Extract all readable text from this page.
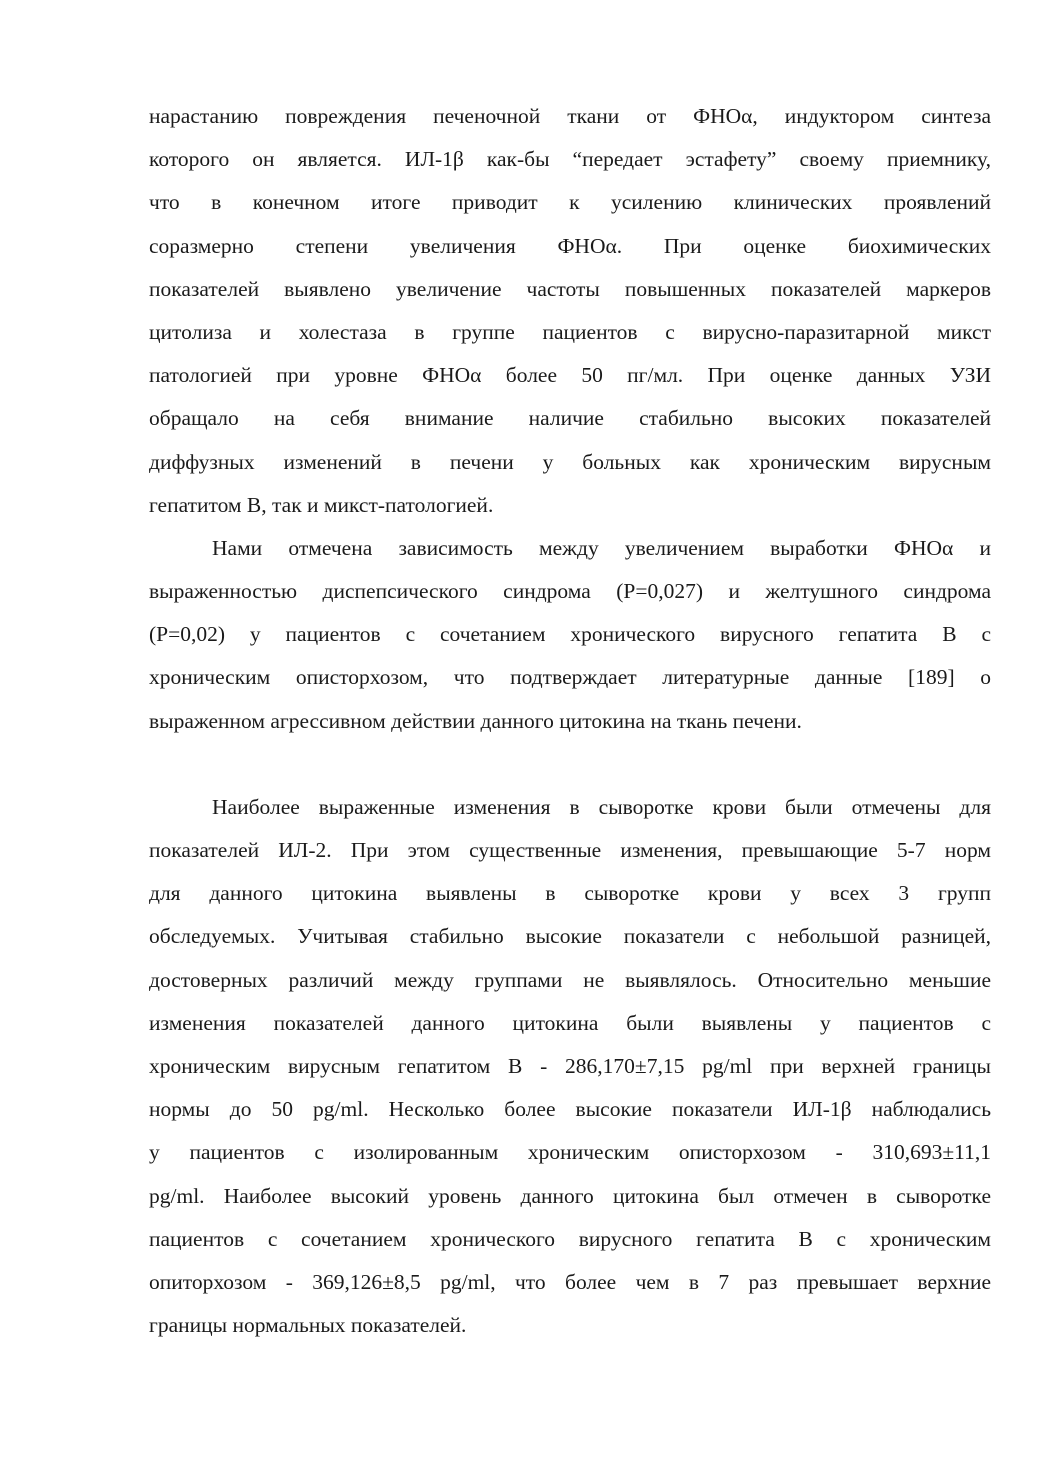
нарастанию повреждения печеночной ткани от ФНОα, индуктором синтеза
которого он является. ИЛ-1β как-бы “передает эстафету” своему приемнику,
что в конечном итоге приводит к усилению клинических проявлений
соразмерно степени увеличения ФНОα. При оценке биохимических
показателей выявлено увеличение частоты повышенных показателей маркеров
цитолиза и холестаза в группе пациентов с вирусно-паразитарной микст
патологией при уровне ФНОα более 50 пг/мл. При оценке данных УЗИ
обращало на себя внимание наличие стабильно высоких показателей
диффузных изменений в печени у больных как хроническим вирусным
гепатитом В, так и микст-патологией.

Нами отмечена зависимость между увеличением выработки ФНОα и
выраженностью диспепсического синдрома (Р=0,027) и желтушного синдрома
(Р=0,02) у пациентов с сочетанием хронического вирусного гепатита В с
хроническим описторхозом, что подтверждает литературные данные [189] о
выраженном агрессивном действии данного цитокина на ткань печени.

Наиболее выраженные изменения в сыворотке крови были отмечены для
показателей ИЛ-2. При этом существенные изменения, превышающие 5-7 норм
для данного цитокина выявлены в сыворотке крови у всех 3 групп
обследуемых. Учитывая стабильно высокие показатели с небольшой разницей,
достоверных различий между группами не выявлялось. Относительно меньшие
изменения показателей данного цитокина были выявлены у пациентов с
хроническим вирусным гепатитом В - 286,170±7,15 pg/ml при верхней границы
нормы до 50 pg/ml. Несколько более высокие показатели ИЛ-1β наблюдались
у пациентов с изолированным хроническим описторхозом - 310,693±11,1
pg/ml. Наиболее высокий уровень данного цитокина был отмечен в сыворотке
пациентов с сочетанием хронического вирусного гепатита В с хроническим
опиторхозом - 369,126±8,5 pg/ml, что более чем в 7 раз превышает верхние
границы нормальных показателей.
